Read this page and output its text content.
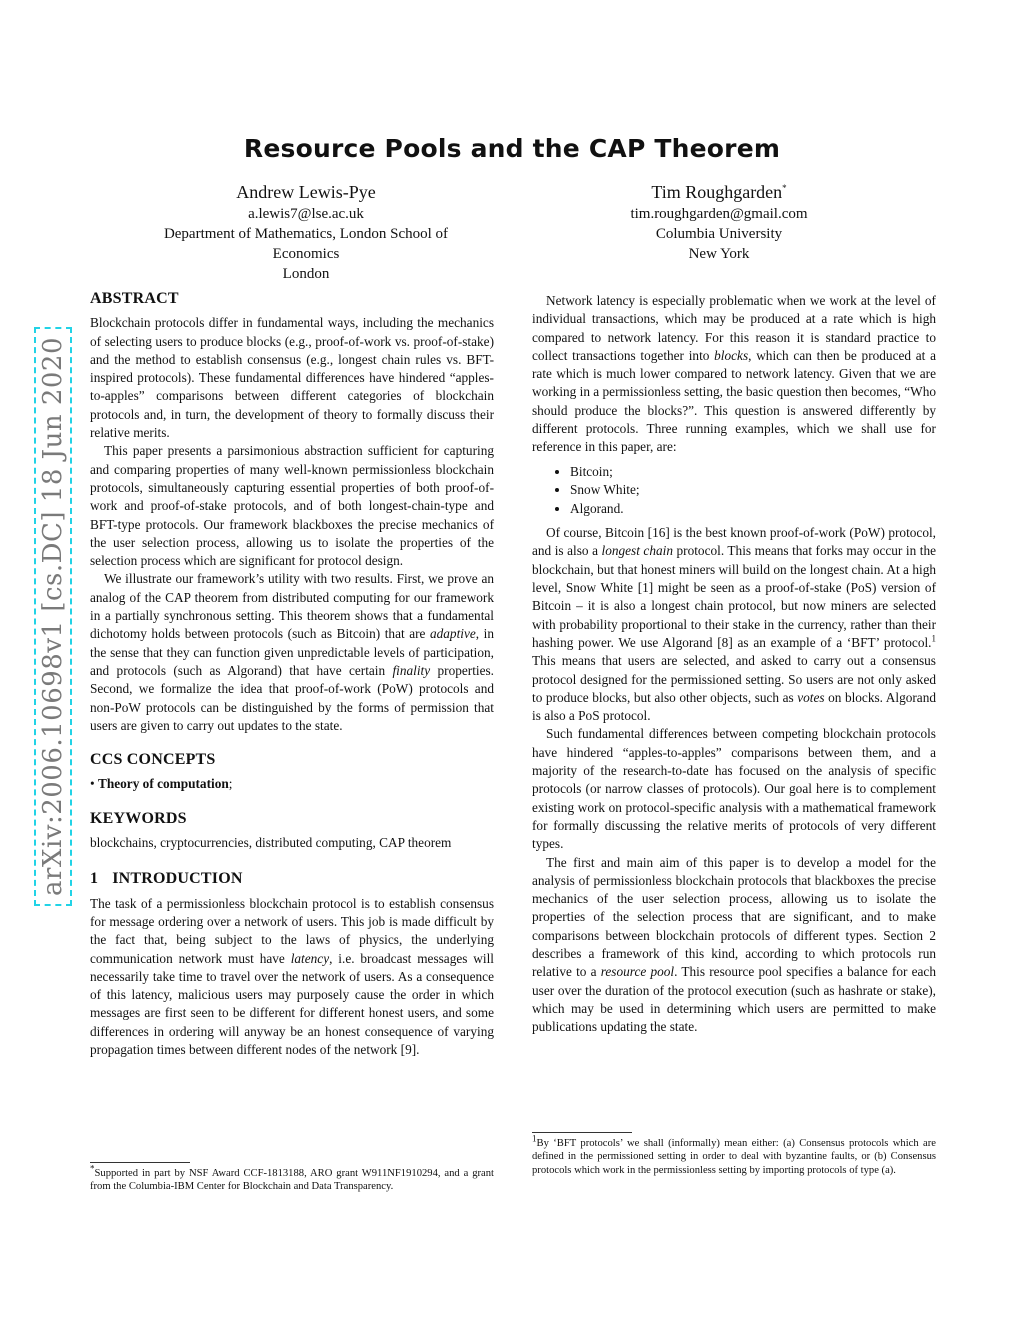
arXiv:2006.10698v1 [cs.DC] 18 Jun 2020
Resource Pools and the CAP Theorem
Andrew Lewis-Pye
a.lewis7@lse.ac.uk
Department of Mathematics, London School of
Economics
London
Tim Roughgarden*
tim.roughgarden@gmail.com
Columbia University
New York
ABSTRACT

Blockchain protocols differ in fundamental ways, including the mechanics of selecting users to produce blocks (e.g., proof-of-work vs. proof-of-stake) and the method to establish consensus (e.g., longest chain rules vs. BFT-inspired protocols). These fundamental differences have hindered “apples-to-apples” comparisons between different categories of blockchain protocols and, in turn, the development of theory to formally discuss their relative merits.

This paper presents a parsimonious abstraction sufficient for capturing and comparing properties of many well-known permissionless blockchain protocols, simultaneously capturing essential properties of both proof-of-work and proof-of-stake protocols, and of both longest-chain-type and BFT-type protocols. Our framework blackboxes the precise mechanics of the user selection process, allowing us to isolate the properties of the selection process which are significant for protocol design.

We illustrate our framework’s utility with two results. First, we prove an analog of the CAP theorem from distributed computing for our framework in a partially synchronous setting. This theorem shows that a fundamental dichotomy holds between protocols (such as Bitcoin) that are adaptive, in the sense that they can function given unpredictable levels of participation, and protocols (such as Algorand) that have certain finality properties. Second, we formalize the idea that proof-of-work (PoW) protocols and non-PoW protocols can be distinguished by the forms of permission that users are given to carry out updates to the state.

CCS CONCEPTS
• Theory of computation;
KEYWORDS

blockchains, cryptocurrencies, distributed computing, CAP theorem

1 INTRODUCTION

The task of a permissionless blockchain protocol is to establish consensus for message ordering over a network of users. This job is made difficult by the fact that, being subject to the laws of physics, the underlying communication network must have latency, i.e. broadcast messages will necessarily take time to travel over the network of users. As a consequence of this latency, malicious users may purposely cause the order in which messages are first seen to be different for different honest users, and some differences in ordering will anyway be an honest consequence of varying propagation times between different nodes of the network [9].

Network latency is especially problematic when we work at the level of individual transactions, which may be produced at a rate which is high compared to network latency. For this reason it is standard practice to collect transactions together into blocks, which can then be produced at a rate which is much lower compared to network latency. Given that we are working in a permissionless setting, the basic question then becomes, “Who should produce the blocks?”. This question is answered differently by different protocols. Three running examples, which we shall use for reference in this paper, are:

• Bitcoin;
• Snow White;
• Algorand.

Of course, Bitcoin [16] is the best known proof-of-work (PoW) protocol, and is also a longest chain protocol. This means that forks may occur in the blockchain, but that honest miners will build on the longest chain. At a high level, Snow White [1] might be seen as a proof-of-stake (PoS) version of Bitcoin – it is also a longest chain protocol, but now miners are selected with probability proportional to their stake in the currency, rather than their hashing power. We use Algorand [8] as an example of a ‘BFT’ protocol.$^1$ This means that users are selected, and asked to carry out a consensus protocol designed for the permissioned setting. So users are not only asked to produce blocks, but also other objects, such as votes on blocks. Algorand is also a PoS protocol.

Such fundamental differences between competing blockchain protocols have hindered “apples-to-apples” comparisons between them, and a majority of the research-to-date has focused on the analysis of specific protocols (or narrow classes of protocols). Our goal here is to complement existing work on protocol-specific analysis with a mathematical framework for formally discussing the relative merits of protocols of very different types.

The first and main aim of this paper is to develop a model for the analysis of permissionless blockchain protocols that blackboxes the precise mechanics of the user selection process, allowing us to isolate the properties of the selection process that are significant, and to make comparisons between blockchain protocols of different types. Section 2 describes a framework of this kind, according to which protocols run relative to a resource pool. This resource pool specifies a balance for each user over the duration of the protocol execution (such as hashrate or stake), which may be used in determining which users are permitted to make publications updating the state.

*Supported in part by NSF Award CCF-1813188, ARO grant W911NF1910294, and a grant from the Columbia-IBM Center for Blockchain and Data Transparency.
$^1$By ‘BFT protocols’ we shall (informally) mean either: (a) Consensus protocols which are defined in the permissioned setting in order to deal with byzantine faults, or (b) Consensus protocols which work in the permissionless setting by importing protocols of type (a).
